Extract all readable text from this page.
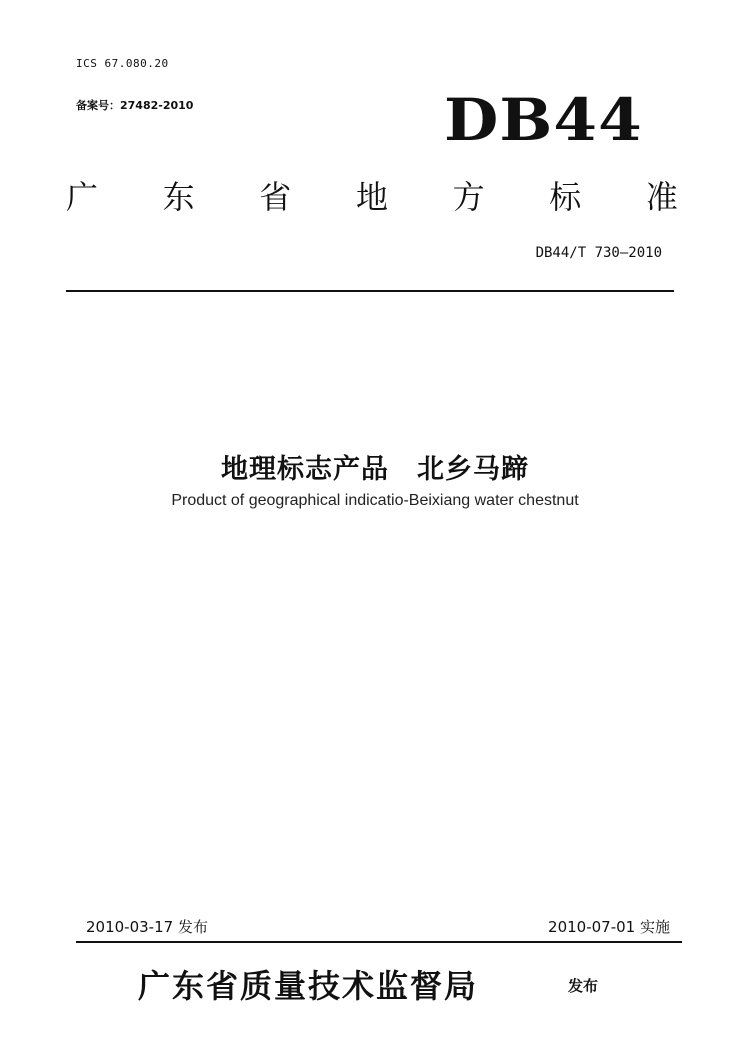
ICS 67.080.20
备案号：27482-2010	DB44
广 东 省 地 方 标 准
DB44/T 730—2010
地理标志产品　北乡马蹄
Product of geographical indicatio-Beixiang water chestnut
2010-03-17 发布	2010-07-01 实施
广东省质量技术监督局	发布
